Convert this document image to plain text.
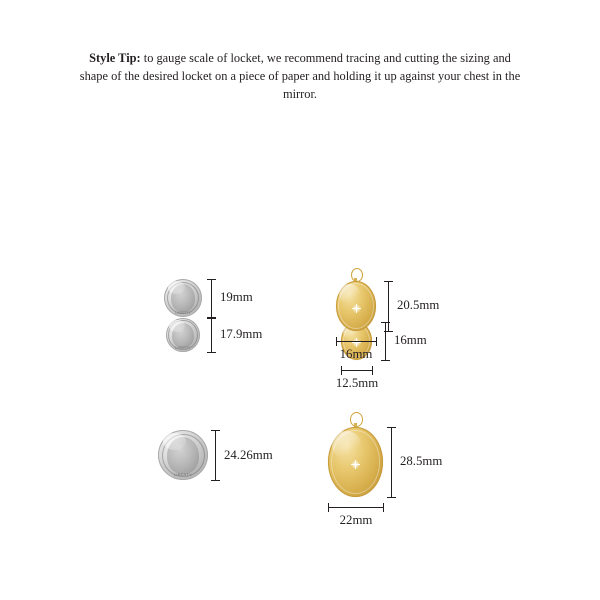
Style Tip: to gauge scale of locket, we recommend tracing and cutting the sizing and shape of the desired locket on a piece of paper and holding it up against your chest in the mirror.
LIBERTY
17.9mm	16mm
12.5mm
LIBERTY
19mm
20.5mm
16mm
LIBERTY
24.26mm	28.5mm
22mm
